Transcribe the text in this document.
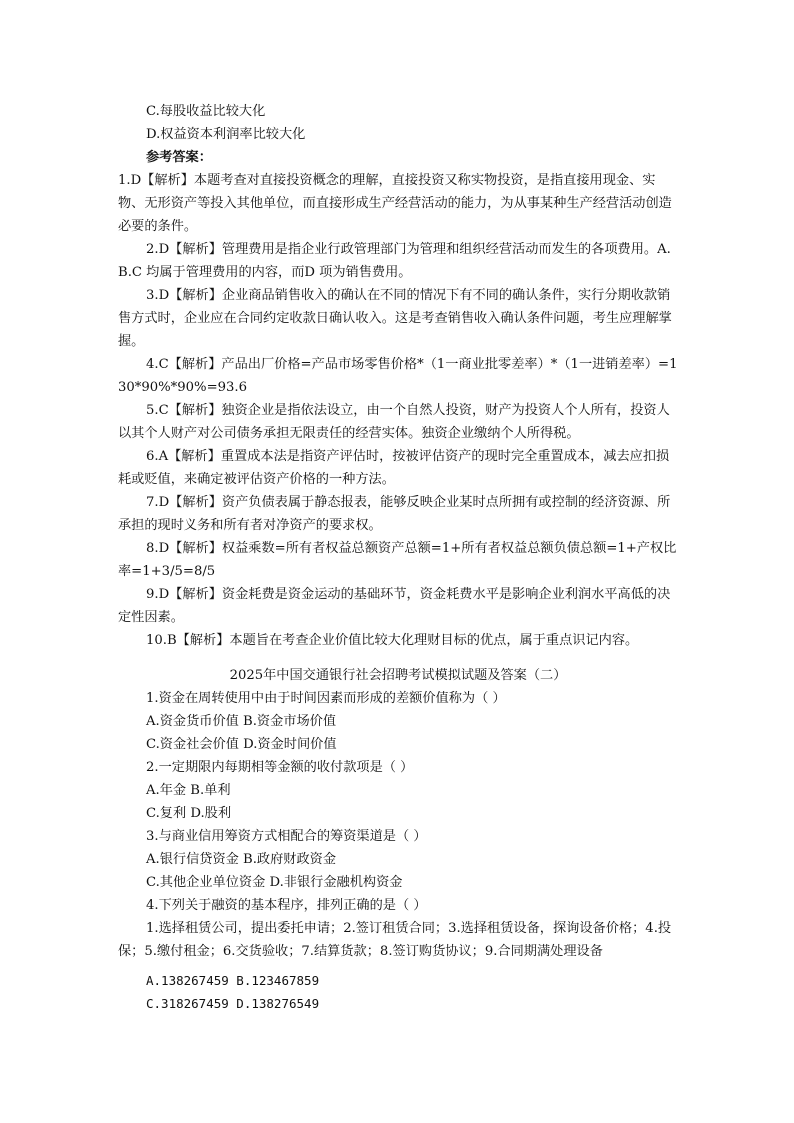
C.每股收益比较大化
D.权益资本利润率比较大化
参考答案：
1.D【解析】本题考查对直接投资概念的理解，直接投资又称实物投资，是指直接用现金、实物、无形资产等投入其他单位，而直接形成生产经营活动的能力，为从事某种生产经营活动创造必要的条件。
2.D【解析】管理费用是指企业行政管理部门为管理和组织经营活动而发生的各项费用。A.B.C 均属于管理费用的内容，而D 项为销售费用。
3.D【解析】企业商品销售收入的确认在不同的情况下有不同的确认条件，实行分期收款销售方式时，企业应在合同约定收款日确认收入。这是考查销售收入确认条件问题，考生应理解掌握。
4.C【解析】产品出厂价格=产品市场零售价格*（1一商业批零差率）*（1一进销差率）=130*90%*90%=93.6
5.C【解析】独资企业是指依法设立，由一个自然人投资，财产为投资人个人所有，投资人以其个人财产对公司债务承担无限责任的经营实体。独资企业缴纳个人所得税。
6.A【解析】重置成本法是指资产评估时，按被评估资产的现时完全重置成本，减去应扣损耗或贬值，来确定被评估资产价格的一种方法。
7.D【解析】资产负债表属于静态报表，能够反映企业某时点所拥有或控制的经济资源、所承担的现时义务和所有者对净资产的要求权。
8.D【解析】权益乘数=所有者权益总额资产总额=1+所有者权益总额负债总额=1+产权比率=1+3/5=8/5
9.D【解析】资金耗费是资金运动的基础环节，资金耗费水平是影响企业利润水平高低的决定性因素。
10.B【解析】本题旨在考查企业价值比较大化理财目标的优点，属于重点识记内容。
2025年中国交通银行社会招聘考试模拟试题及答案（二）
1.资金在周转使用中由于时间因素而形成的差额价值称为（ ）
A.资金货币价值 B.资金市场价值
C.资金社会价值 D.资金时间价值
2.一定期限内每期相等金额的收付款项是（ ）
A.年金 B.单利
C.复利 D.股利
3.与商业信用筹资方式相配合的筹资渠道是（ ）
A.银行信贷资金 B.政府财政资金
C.其他企业单位资金 D.非银行金融机构资金
4.下列关于融资的基本程序，排列正确的是（ ）
1.选择租赁公司，提出委托申请；2.签订租赁合同；3.选择租赁设备，探询设备价格；4.投保；5.缴付租金；6.交货验收；7.结算货款；8.签订购货协议；9.合同期满处理设备
A.138267459 B.123467859
C.318267459 D.138276549
